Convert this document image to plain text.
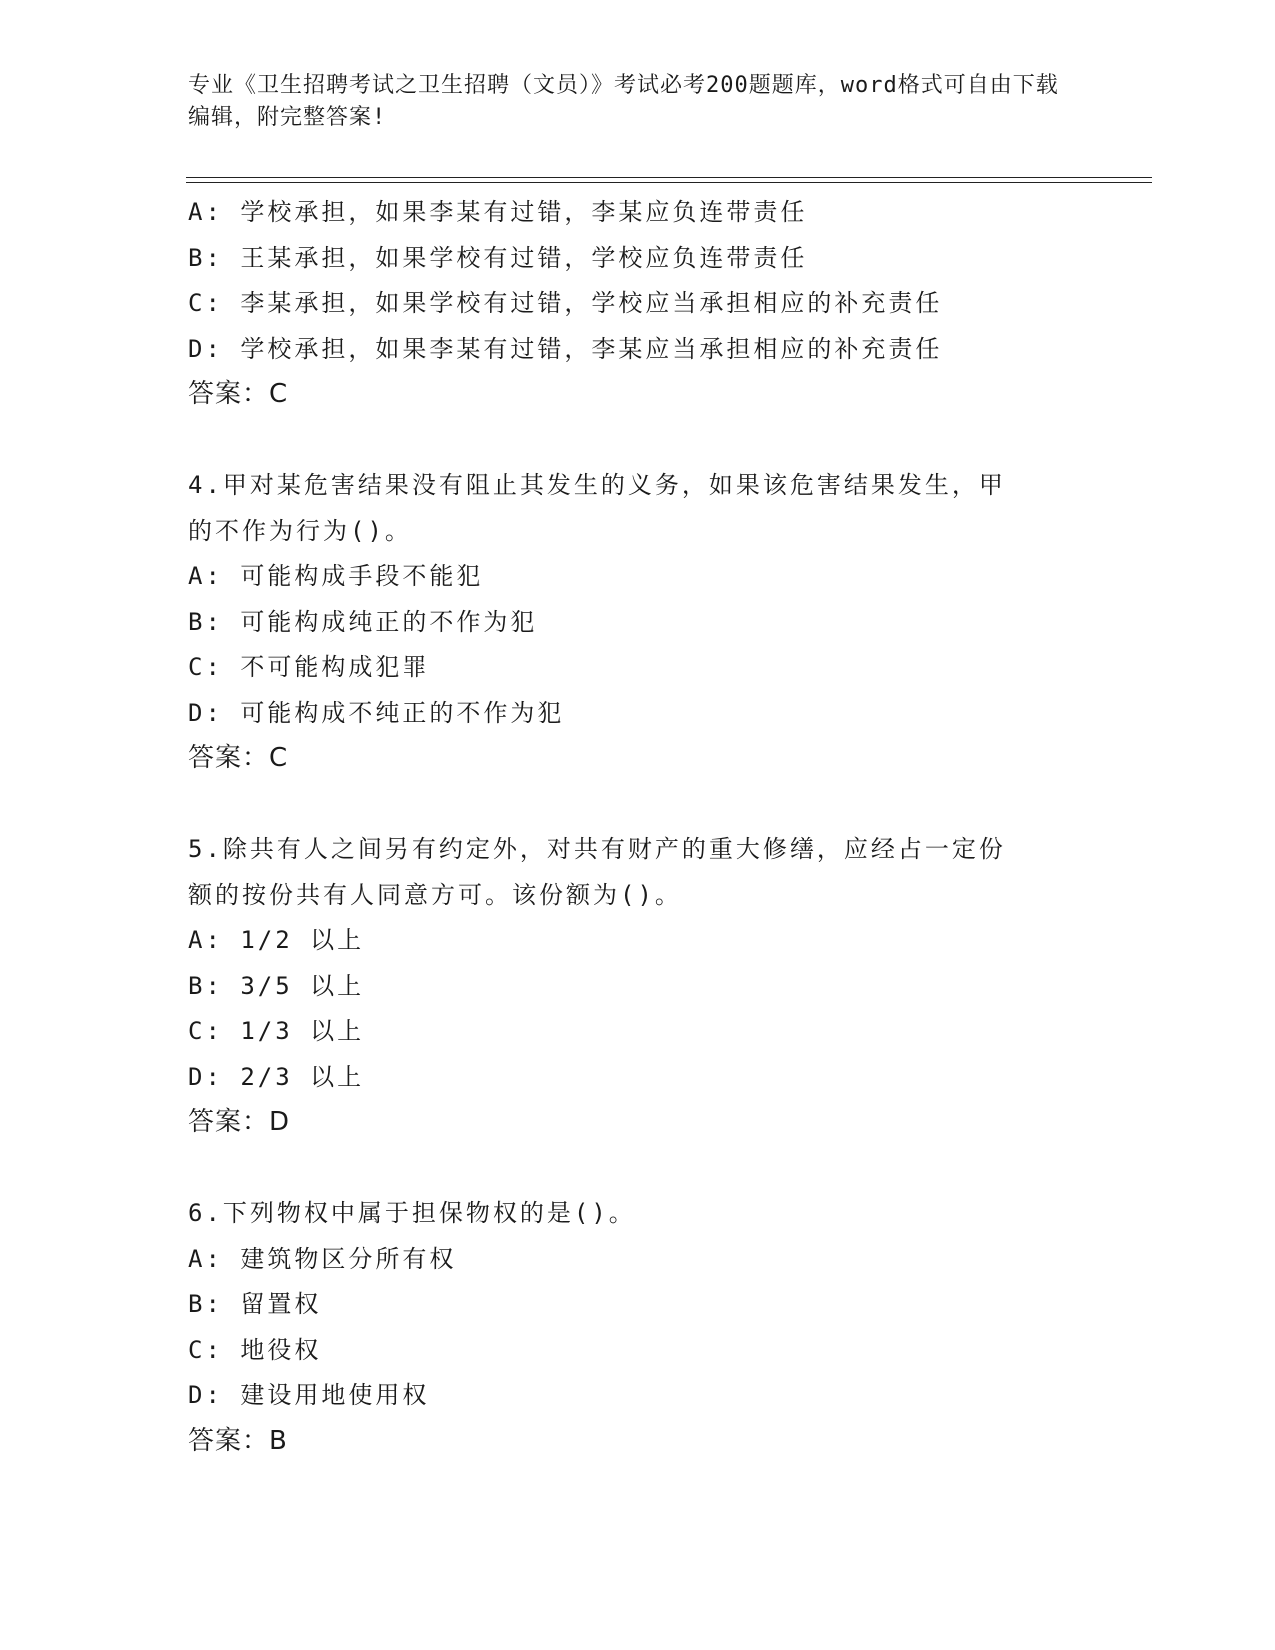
专业《卫生招聘考试之卫生招聘（文员）》考试必考200题题库，word格式可自由下载编辑，附完整答案!
A: 学校承担，如果李某有过错，李某应负连带责任
B: 王某承担，如果学校有过错，学校应负连带责任
C: 李某承担，如果学校有过错，学校应当承担相应的补充责任
D: 学校承担，如果李某有过错，李某应当承担相应的补充责任
答案：C
4.甲对某危害结果没有阻止其发生的义务，如果该危害结果发生，甲
的不作为行为()。
A: 可能构成手段不能犯
B: 可能构成纯正的不作为犯
C: 不可能构成犯罪
D: 可能构成不纯正的不作为犯
答案：C
5.除共有人之间另有约定外，对共有财产的重大修缮，应经占一定份
额的按份共有人同意方可。该份额为()。
A: 1/2 以上
B: 3/5 以上
C: 1/3 以上
D: 2/3 以上
答案：D
6.下列物权中属于担保物权的是()。
A: 建筑物区分所有权
B: 留置权
C: 地役权
D: 建设用地使用权
答案：B
